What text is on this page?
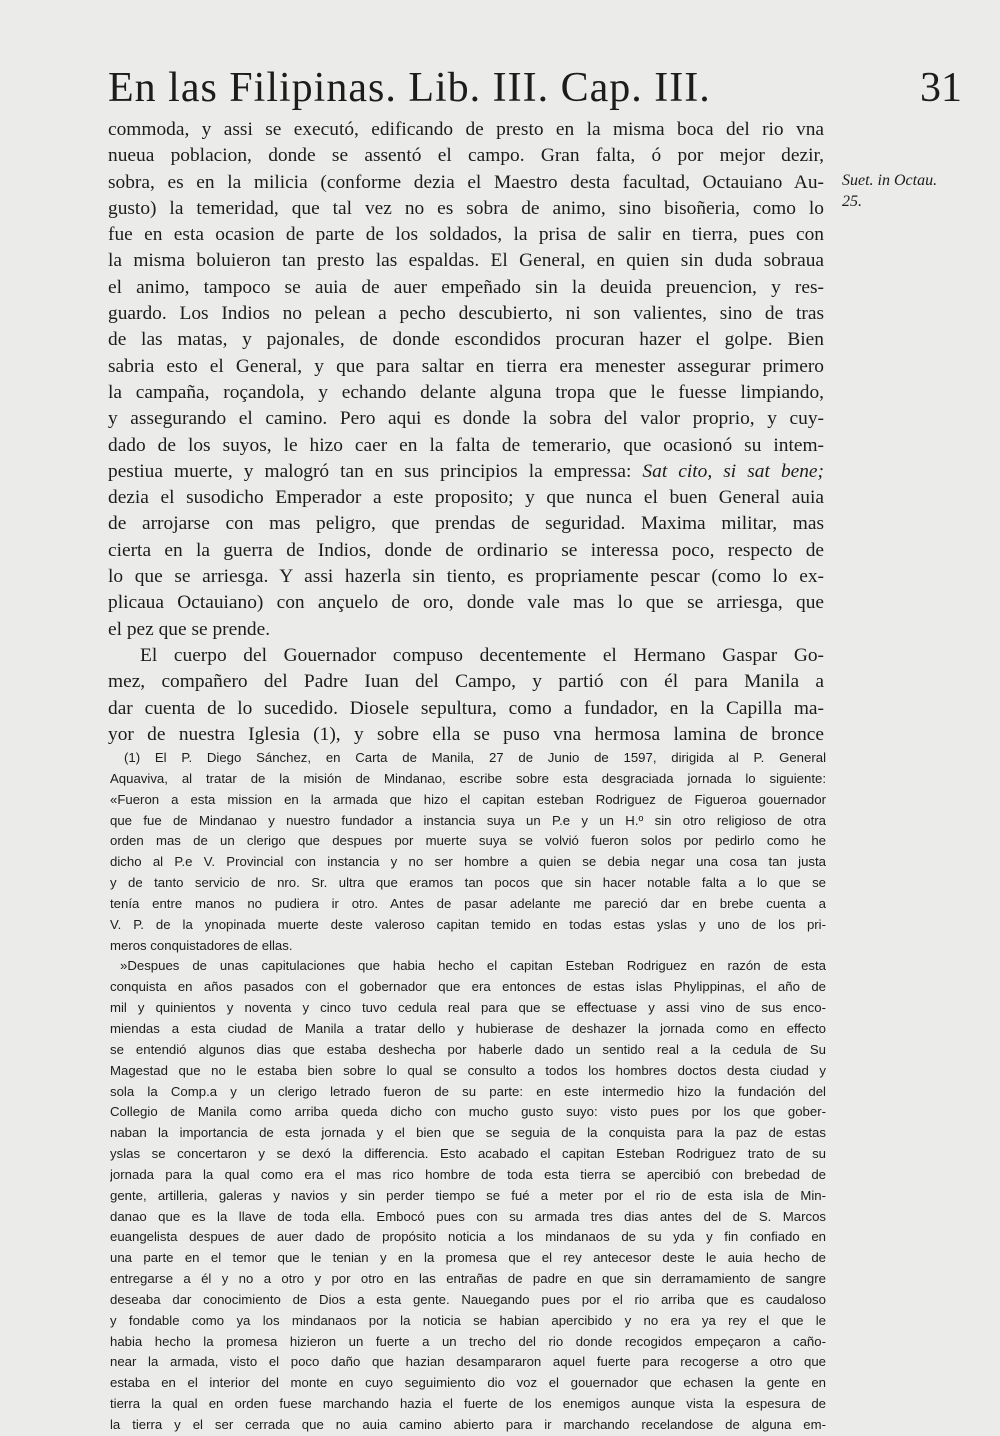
En las Filipinas. Lib. III. Cap. III.	31
Suet. in Octau.
25.
commoda, y assi se executó, edificando de presto en la misma boca del rio vna
nueua poblacion, donde se assentó el campo. Gran falta, ó por mejor dezir,
sobra, es en la milicia (conforme dezia el Maestro desta facultad, Octauiano Au-
gusto) la temeridad, que tal vez no es sobra de animo, sino bisoñeria, como lo
fue en esta ocasion de parte de los soldados, la prisa de salir en tierra, pues con
la misma boluieron tan presto las espaldas. El General, en quien sin duda sobraua
el animo, tampoco se auia de auer empeñado sin la deuida preuencion, y res-
guardo. Los Indios no pelean a pecho descubierto, ni son valientes, sino de tras
de las matas, y pajonales, de donde escondidos procuran hazer el golpe. Bien
sabria esto el General, y que para saltar en tierra era menester assegurar primero
la campaña, roçandola, y echando delante alguna tropa que le fuesse limpiando,
y assegurando el camino. Pero aqui es donde la sobra del valor proprio, y cuy-
dado de los suyos, le hizo caer en la falta de temerario, que ocasionó su intem-
pestiua muerte, y malogró tan en sus principios la empressa: Sat cito, si sat bene;
dezia el susodicho Emperador a este proposito; y que nunca el buen General auia
de arrojarse con mas peligro, que prendas de seguridad. Maxima militar, mas
cierta en la guerra de Indios, donde de ordinario se interessa poco, respecto de
lo que se arriesga. Y assi hazerla sin tiento, es propriamente pescar (como lo ex-
plicaua Octauiano) con ançuelo de oro, donde vale mas lo que se arriesga, que
el pez que se prende.
El cuerpo del Gouernador compuso decentemente el Hermano Gaspar Go-
mez, compañero del Padre Iuan del Campo, y partió con él para Manila a
dar cuenta de lo sucedido. Diosele sepultura, como a fundador, en la Capilla ma-
yor de nuestra Iglesia (1), y sobre ella se puso vna hermosa lamina de bronce
(1) El P. Diego Sánchez, en Carta de Manila, 27 de Junio de 1597, dirigida al P. General
Aquaviva, al tratar de la misión de Mindanao, escribe sobre esta desgraciada jornada lo siguiente:
«Fueron a esta mission en la armada que hizo el capitan esteban Rodriguez de Figueroa gouernador
que fue de Mindanao y nuestro fundador a instancia suya un P.e y un H.º sin otro religioso de otra
orden mas de un clerigo que despues por muerte suya se volvió fueron solos por pedirlo como he
dicho al P.e V. Provincial con instancia y no ser hombre a quien se debia negar una cosa tan justa
y de tanto servicio de nro. Sr. ultra que eramos tan pocos que sin hacer notable falta a lo que se
tenía entre manos no pudiera ir otro. Antes de pasar adelante me pareció dar en brebe cuenta a
V. P. de la ynopinada muerte deste valeroso capitan temido en todas estas yslas y uno de los pri-
meros conquistadores de ellas.
»Despues de unas capitulaciones que habia hecho el capitan Esteban Rodriguez en razón de esta
conquista en años pasados con el gobernador que era entonces de estas islas Phylippinas, el año de
mil y quinientos y noventa y cinco tuvo cedula real para que se effectuase y assi vino de sus enco-
miendas a esta ciudad de Manila a tratar dello y hubierase de deshazer la jornada como en effecto
se entendió algunos dias que estaba deshecha por haberle dado un sentido real a la cedula de Su
Magestad que no le estaba bien sobre lo qual se consulto a todos los hombres doctos desta ciudad y
sola la Comp.a y un clerigo letrado fueron de su parte: en este intermedio hizo la fundación del
Collegio de Manila como arriba queda dicho con mucho gusto suyo: visto pues por los que gober-
naban la importancia de esta jornada y el bien que se seguia de la conquista para la paz de estas
yslas se concertaron y se dexó la differencia. Esto acabado el capitan Esteban Rodriguez trato de su
jornada para la qual como era el mas rico hombre de toda esta tierra se apercibió con brebedad de
gente, artilleria, galeras y navios y sin perder tiempo se fué a meter por el rio de esta isla de Min-
danao que es la llave de toda ella. Embocó pues con su armada tres dias antes del de S. Marcos
euangelista despues de auer dado de propósito noticia a los mindanaos de su yda y fin confiado en
una parte en el temor que le tenian y en la promesa que el rey antecesor deste le auia hecho de
entregarse a él y no a otro y por otro en las entrañas de padre en que sin derramamiento de sangre
deseaba dar conocimiento de Dios a esta gente. Nauegando pues por el rio arriba que es caudaloso
y fondable como ya los mindanaos por la noticia se habian apercibido y no era ya rey el que le
habia hecho la promesa hizieron un fuerte a un trecho del rio donde recogidos empeçaron a caño-
near la armada, visto el poco daño que hazian desampararon aquel fuerte para recogerse a otro que
estaba en el interior del monte en cuyo seguimiento dio voz el gouernador que echasen la gente en
tierra la qual en orden fuese marchando hazia el fuerte de los enemigos aunque vista la espesura de
la tierra y el ser cerrada que no auia camino abierto para ir marchando recelandose de alguna em-
